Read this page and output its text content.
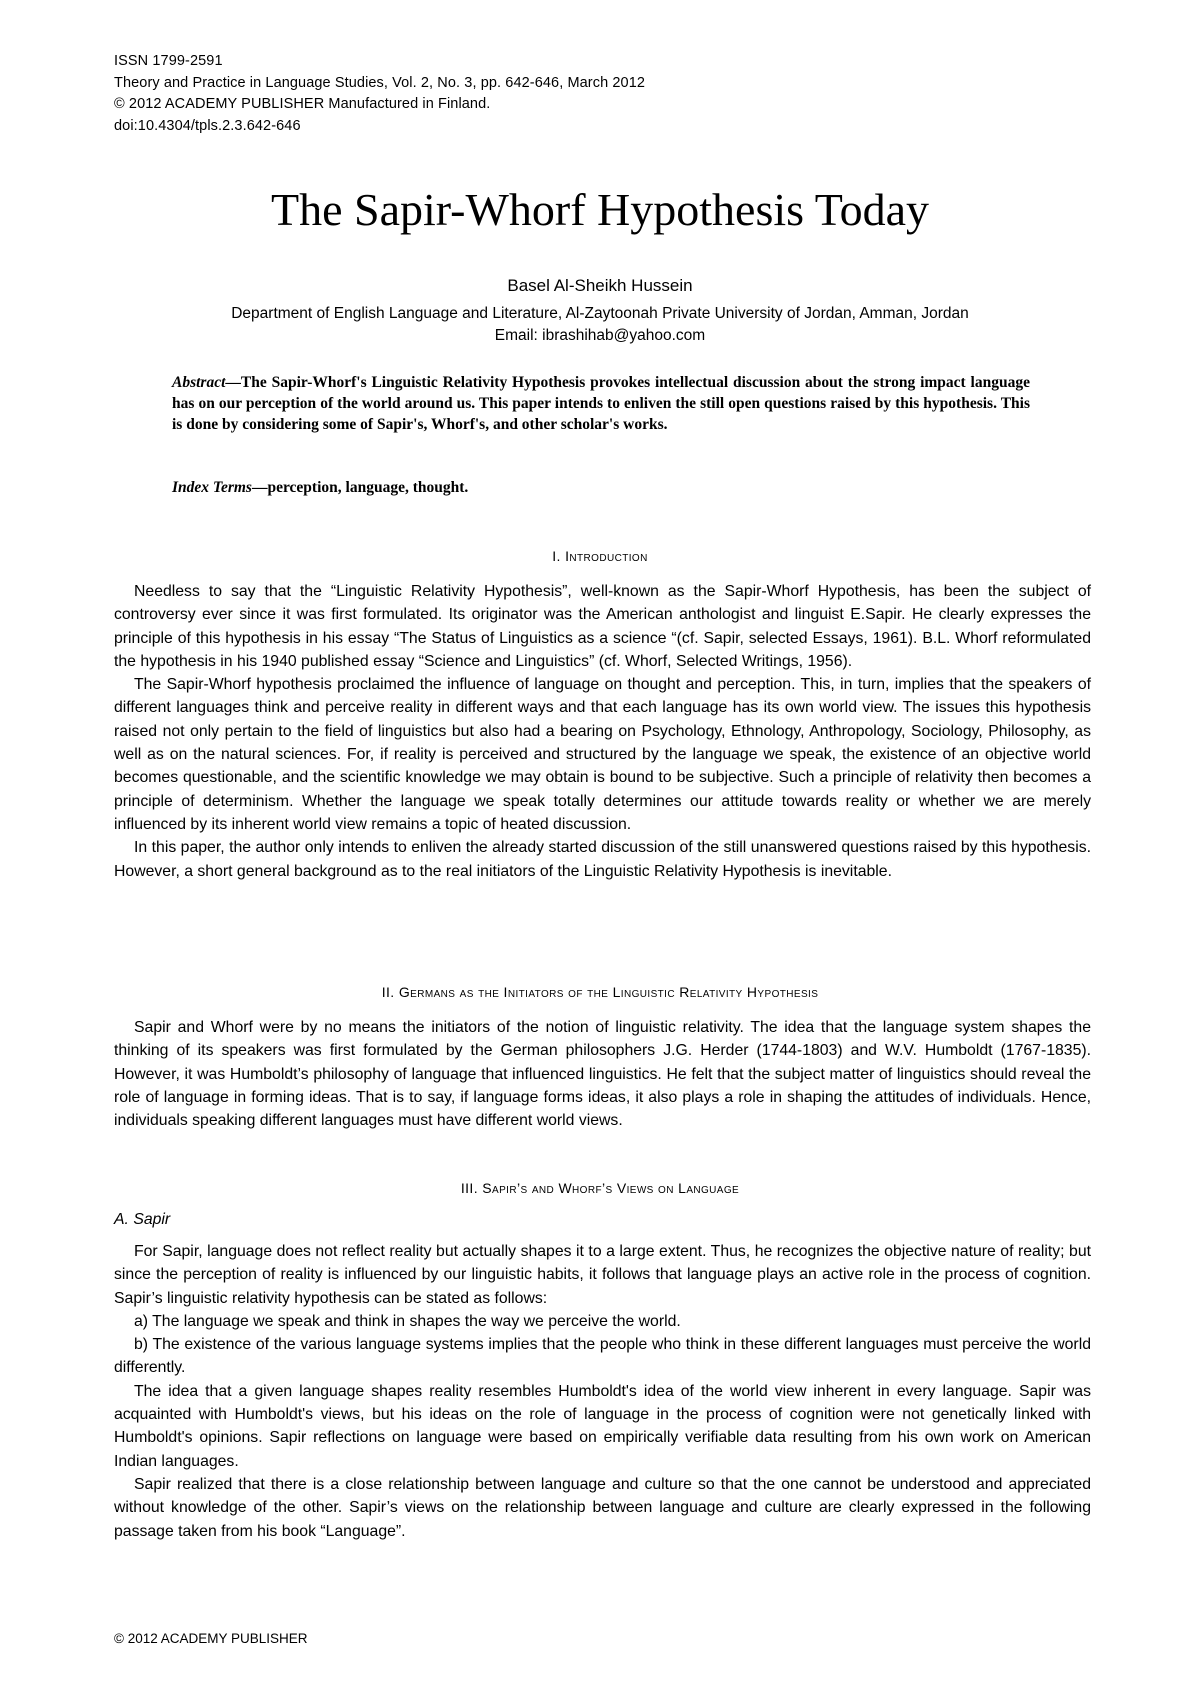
ISSN 1799-2591
Theory and Practice in Language Studies, Vol. 2, No. 3, pp. 642-646, March 2012
© 2012 ACADEMY PUBLISHER Manufactured in Finland.
doi:10.4304/tpls.2.3.642-646
The Sapir-Whorf Hypothesis Today
Basel Al-Sheikh Hussein
Department of English Language and Literature, Al-Zaytoonah Private University of Jordan, Amman, Jordan
Email: ibrashihab@yahoo.com
Abstract—The Sapir-Whorf's Linguistic Relativity Hypothesis provokes intellectual discussion about the strong impact language has on our perception of the world around us. This paper intends to enliven the still open questions raised by this hypothesis. This is done by considering some of Sapir's, Whorf's, and other scholar's works.
Index Terms—perception, language, thought.
I. Introduction

Needless to say that the “Linguistic Relativity Hypothesis”, well-known as the Sapir-Whorf Hypothesis, has been the subject of controversy ever since it was first formulated. Its originator was the American anthologist and linguist E.Sapir. He clearly expresses the principle of this hypothesis in his essay “The Status of Linguistics as a science “(cf. Sapir, selected Essays, 1961). B.L. Whorf reformulated the hypothesis in his 1940 published essay “Science and Linguistics” (cf. Whorf, Selected Writings, 1956).

The Sapir-Whorf hypothesis proclaimed the influence of language on thought and perception. This, in turn, implies that the speakers of different languages think and perceive reality in different ways and that each language has its own world view. The issues this hypothesis raised not only pertain to the field of linguistics but also had a bearing on Psychology, Ethnology, Anthropology, Sociology, Philosophy, as well as on the natural sciences. For, if reality is perceived and structured by the language we speak, the existence of an objective world becomes questionable, and the scientific knowledge we may obtain is bound to be subjective. Such a principle of relativity then becomes a principle of determinism. Whether the language we speak totally determines our attitude towards reality or whether we are merely influenced by its inherent world view remains a topic of heated discussion.

In this paper, the author only intends to enliven the already started discussion of the still unanswered questions raised by this hypothesis. However, a short general background as to the real initiators of the Linguistic Relativity Hypothesis is inevitable.

II. Germans as the Initiators of the Linguistic Relativity Hypothesis

Sapir and Whorf were by no means the initiators of the notion of linguistic relativity. The idea that the language system shapes the thinking of its speakers was first formulated by the German philosophers J.G. Herder (1744-1803) and W.V. Humboldt (1767-1835). However, it was Humboldt’s philosophy of language that influenced linguistics. He felt that the subject matter of linguistics should reveal the role of language in forming ideas. That is to say, if language forms ideas, it also plays a role in shaping the attitudes of individuals. Hence, individuals speaking different languages must have different world views.

III. Sapir’s and Whorf’s Views on Language
A. Sapir

For Sapir, language does not reflect reality but actually shapes it to a large extent. Thus, he recognizes the objective nature of reality; but since the perception of reality is influenced by our linguistic habits, it follows that language plays an active role in the process of cognition. Sapir’s linguistic relativity hypothesis can be stated as follows:

a) The language we speak and think in shapes the way we perceive the world.

b) The existence of the various language systems implies that the people who think in these different languages must perceive the world differently.

The idea that a given language shapes reality resembles Humboldt's idea of the world view inherent in every language. Sapir was acquainted with Humboldt's views, but his ideas on the role of language in the process of cognition were not genetically linked with Humboldt's opinions. Sapir reflections on language were based on empirically verifiable data resulting from his own work on American Indian languages.

Sapir realized that there is a close relationship between language and culture so that the one cannot be understood and appreciated without knowledge of the other. Sapir’s views on the relationship between language and culture are clearly expressed in the following passage taken from his book “Language”.

© 2012 ACADEMY PUBLISHER
